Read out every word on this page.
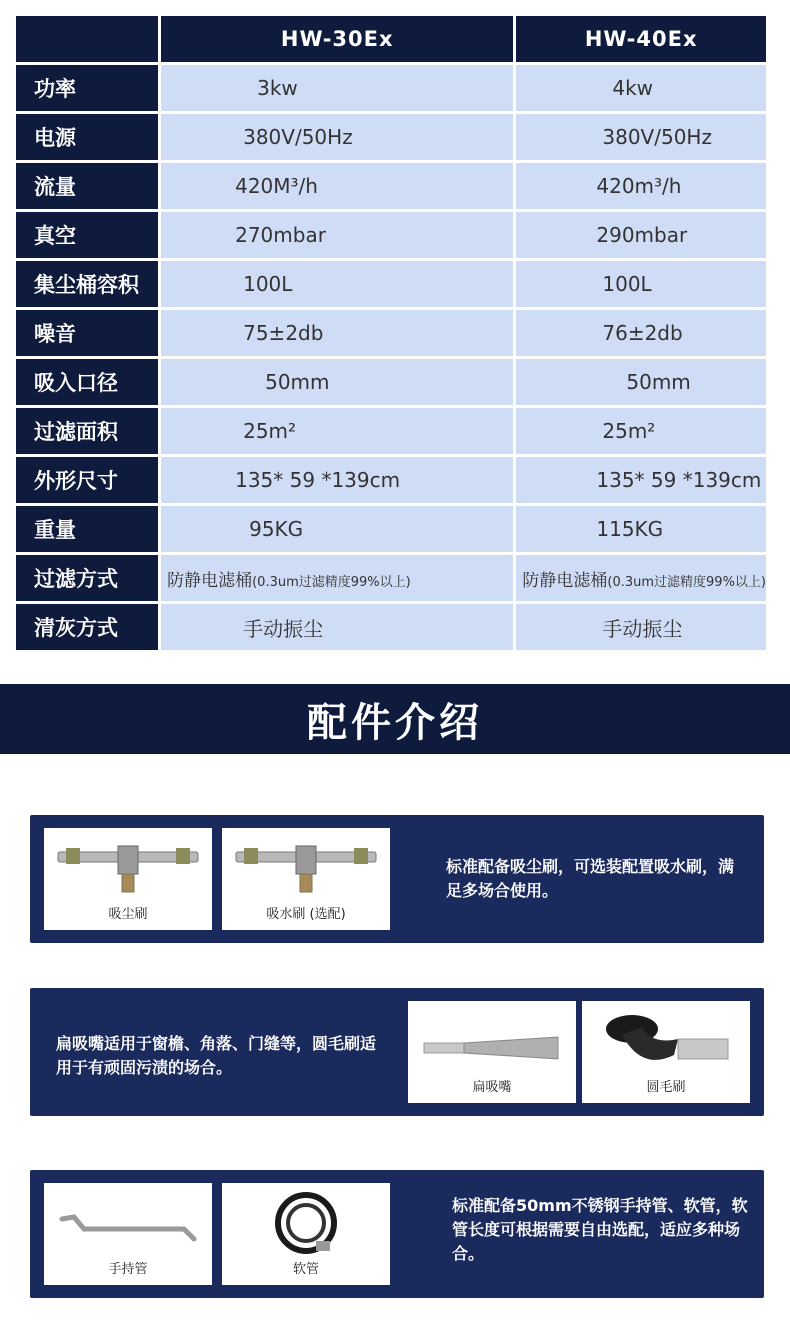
	HW-30Ex	HW-40Ex
功率	3kw	4kw
电源	380V/50Hz	380V/50Hz
流量	420M³/h	420m³/h
真空	270mbar	290mbar
集尘桶容积	100L	100L
噪音	75±2db	76±2db
吸入口径	50mm	50mm
过滤面积	25m²	25m²
外形尺寸	135* 59 *139cm	135* 59 *139cm
重量	95KG	115KG
过滤方式	防静电滤桶(0.3um过滤精度99%以上)	防静电滤桶(0.3um过滤精度99%以上)
清灰方式	手动振尘	手动振尘
配件介绍
吸尘刷	吸水刷 (选配)
标准配备吸尘刷，可选装配置吸水刷，满足多场合使用。
扁吸嘴适用于窗檐、角落、门缝等，圆毛刷适用于有顽固污渍的场合。
扁吸嘴	圆毛刷
手持管	软管
标准配备50mm不锈钢手持管、软管，软管长度可根据需要自由选配，适应多种场合。
